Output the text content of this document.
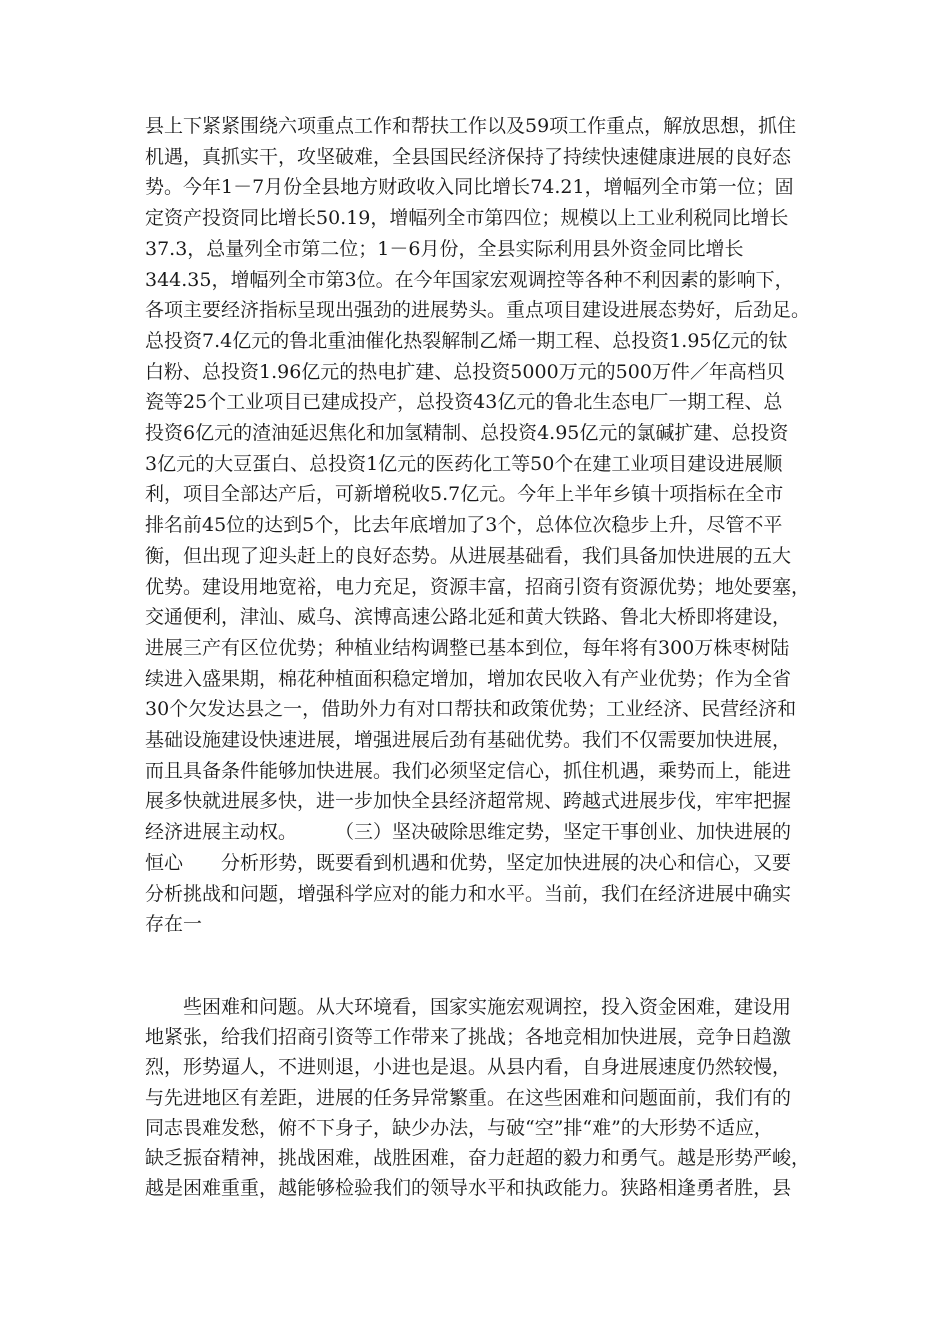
县上下紧紧围绕六项重点工作和帮扶工作以及59项工作重点，解放思想，抓住
机遇，真抓实干，攻坚破难，全县国民经济保持了持续快速健康进展的良好态
势。今年1－7月份全县地方财政收入同比增长74.21，增幅列全市第一位；固
定资产投资同比增长50.19，增幅列全市第四位；规模以上工业利税同比增长
37.3，总量列全市第二位；1－6月份，全县实际利用县外资金同比增长
344.35，增幅列全市第3位。在今年国家宏观调控等各种不利因素的影响下，
各项主要经济指标呈现出强劲的进展势头。重点项目建设进展态势好，后劲足。
总投资7.4亿元的鲁北重油催化热裂解制乙烯一期工程、总投资1.95亿元的钛
白粉、总投资1.96亿元的热电扩建、总投资5000万元的500万件／年高档贝
瓷等25个工业项目已建成投产，总投资43亿元的鲁北生态电厂一期工程、总
投资6亿元的渣油延迟焦化和加氢精制、总投资4.95亿元的氯碱扩建、总投资
3亿元的大豆蛋白、总投资1亿元的医药化工等50个在建工业项目建设进展顺
利，项目全部达产后，可新增税收5.7亿元。今年上半年乡镇十项指标在全市
排名前45位的达到5个，比去年底增加了3个，总体位次稳步上升，尽管不平
衡，但出现了迎头赶上的良好态势。从进展基础看，我们具备加快进展的五大
优势。建设用地宽裕，电力充足，资源丰富，招商引资有资源优势；地处要塞，
交通便利，津汕、威乌、滨博高速公路北延和黄大铁路、鲁北大桥即将建设，
进展三产有区位优势；种植业结构调整已基本到位，每年将有300万株枣树陆
续进入盛果期，棉花种植面积稳定增加，增加农民收入有产业优势；作为全省
30个欠发达县之一，借助外力有对口帮扶和政策优势；工业经济、民营经济和
基础设施建设快速进展，增强进展后劲有基础优势。我们不仅需要加快进展，
而且具备条件能够加快进展。我们必须坚定信心，抓住机遇，乘势而上，能进
展多快就进展多快，进一步加快全县经济超常规、跨越式进展步伐，牢牢把握
经济进展主动权。　　　（三）坚决破除思维定势，坚定干事创业、加快进展的
恒心　　分析形势，既要看到机遇和优势，坚定加快进展的决心和信心，又要
分析挑战和问题，增强科学应对的能力和水平。当前，我们在经济进展中确实
存在一
　　些困难和问题。从大环境看，国家实施宏观调控，投入资金困难，建设用
地紧张，给我们招商引资等工作带来了挑战；各地竞相加快进展，竞争日趋激
烈，形势逼人，不进则退，小进也是退。从县内看，自身进展速度仍然较慢，
与先进地区有差距，进展的任务异常繁重。在这些困难和问题面前，我们有的
同志畏难发愁，俯不下身子，缺少办法，与破“空”排“难”的大形势不适应，
缺乏振奋精神，挑战困难，战胜困难，奋力赶超的毅力和勇气。越是形势严峻，
越是困难重重，越能够检验我们的领导水平和执政能力。狭路相逢勇者胜，县
